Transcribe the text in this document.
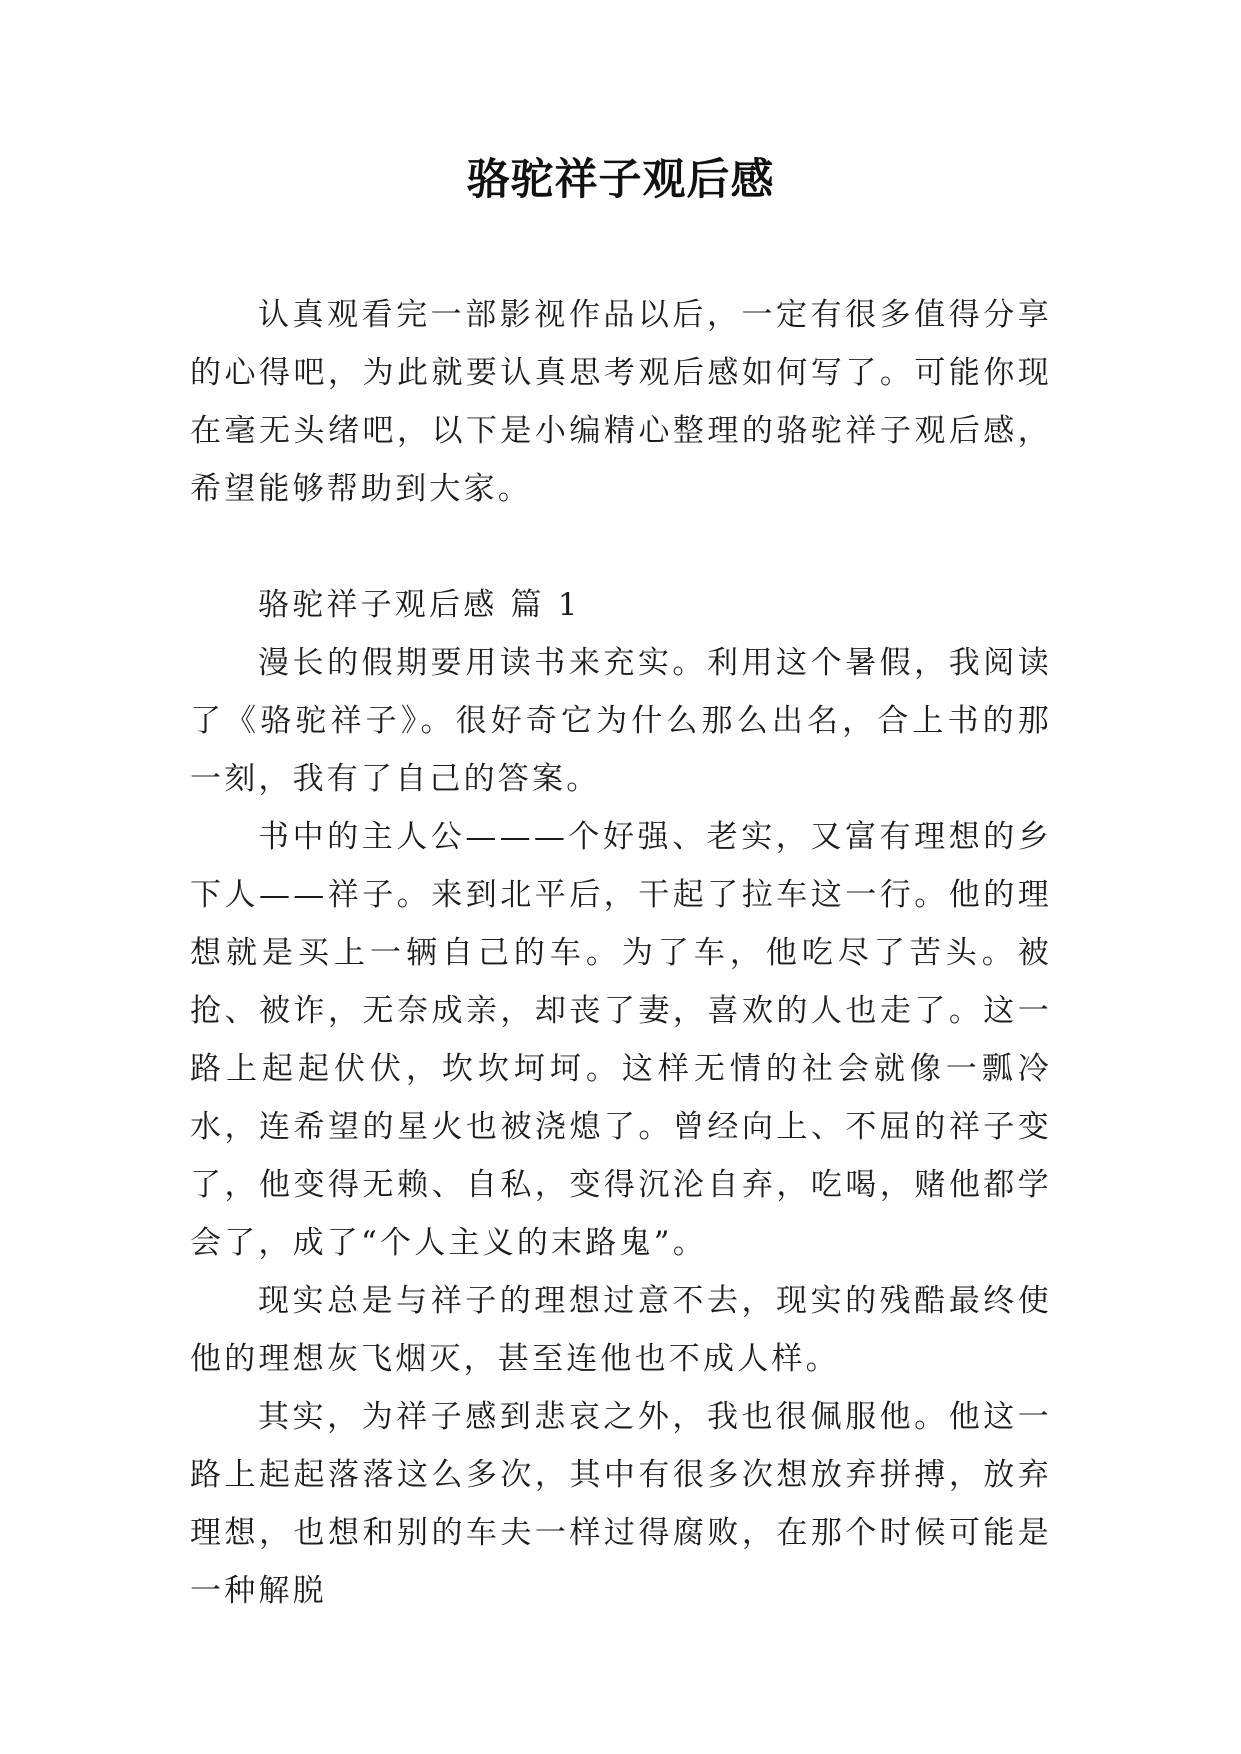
骆驼祥子观后感

认真观看完一部影视作品以后，一定有很多值得分享的心得吧，为此就要认真思考观后感如何写了。可能你现在毫无头绪吧，以下是小编精心整理的骆驼祥子观后感，希望能够帮助到大家。

骆驼祥子观后感 篇 1

漫长的假期要用读书来充实。利用这个暑假，我阅读了《骆驼祥子》。很好奇它为什么那么出名，合上书的那一刻，我有了自己的答案。

书中的主人公———个好强、老实，又富有理想的乡下人——祥子。来到北平后，干起了拉车这一行。他的理想就是买上一辆自己的车。为了车，他吃尽了苦头。被抢、被诈，无奈成亲，却丧了妻，喜欢的人也走了。这一路上起起伏伏，坎坎坷坷。这样无情的社会就像一瓢冷水，连希望的星火也被浇熄了。曾经向上、不屈的祥子变了，他变得无赖、自私，变得沉沦自弃，吃喝，赌他都学会了，成了“个人主义的末路鬼”。

现实总是与祥子的理想过意不去，现实的残酷最终使他的理想灰飞烟灭，甚至连他也不成人样。

其实，为祥子感到悲哀之外，我也很佩服他。他这一路上起起落落这么多次，其中有很多次想放弃拼搏，放弃理想，也想和别的车夫一样过得腐败，在那个时候可能是一种解脱
